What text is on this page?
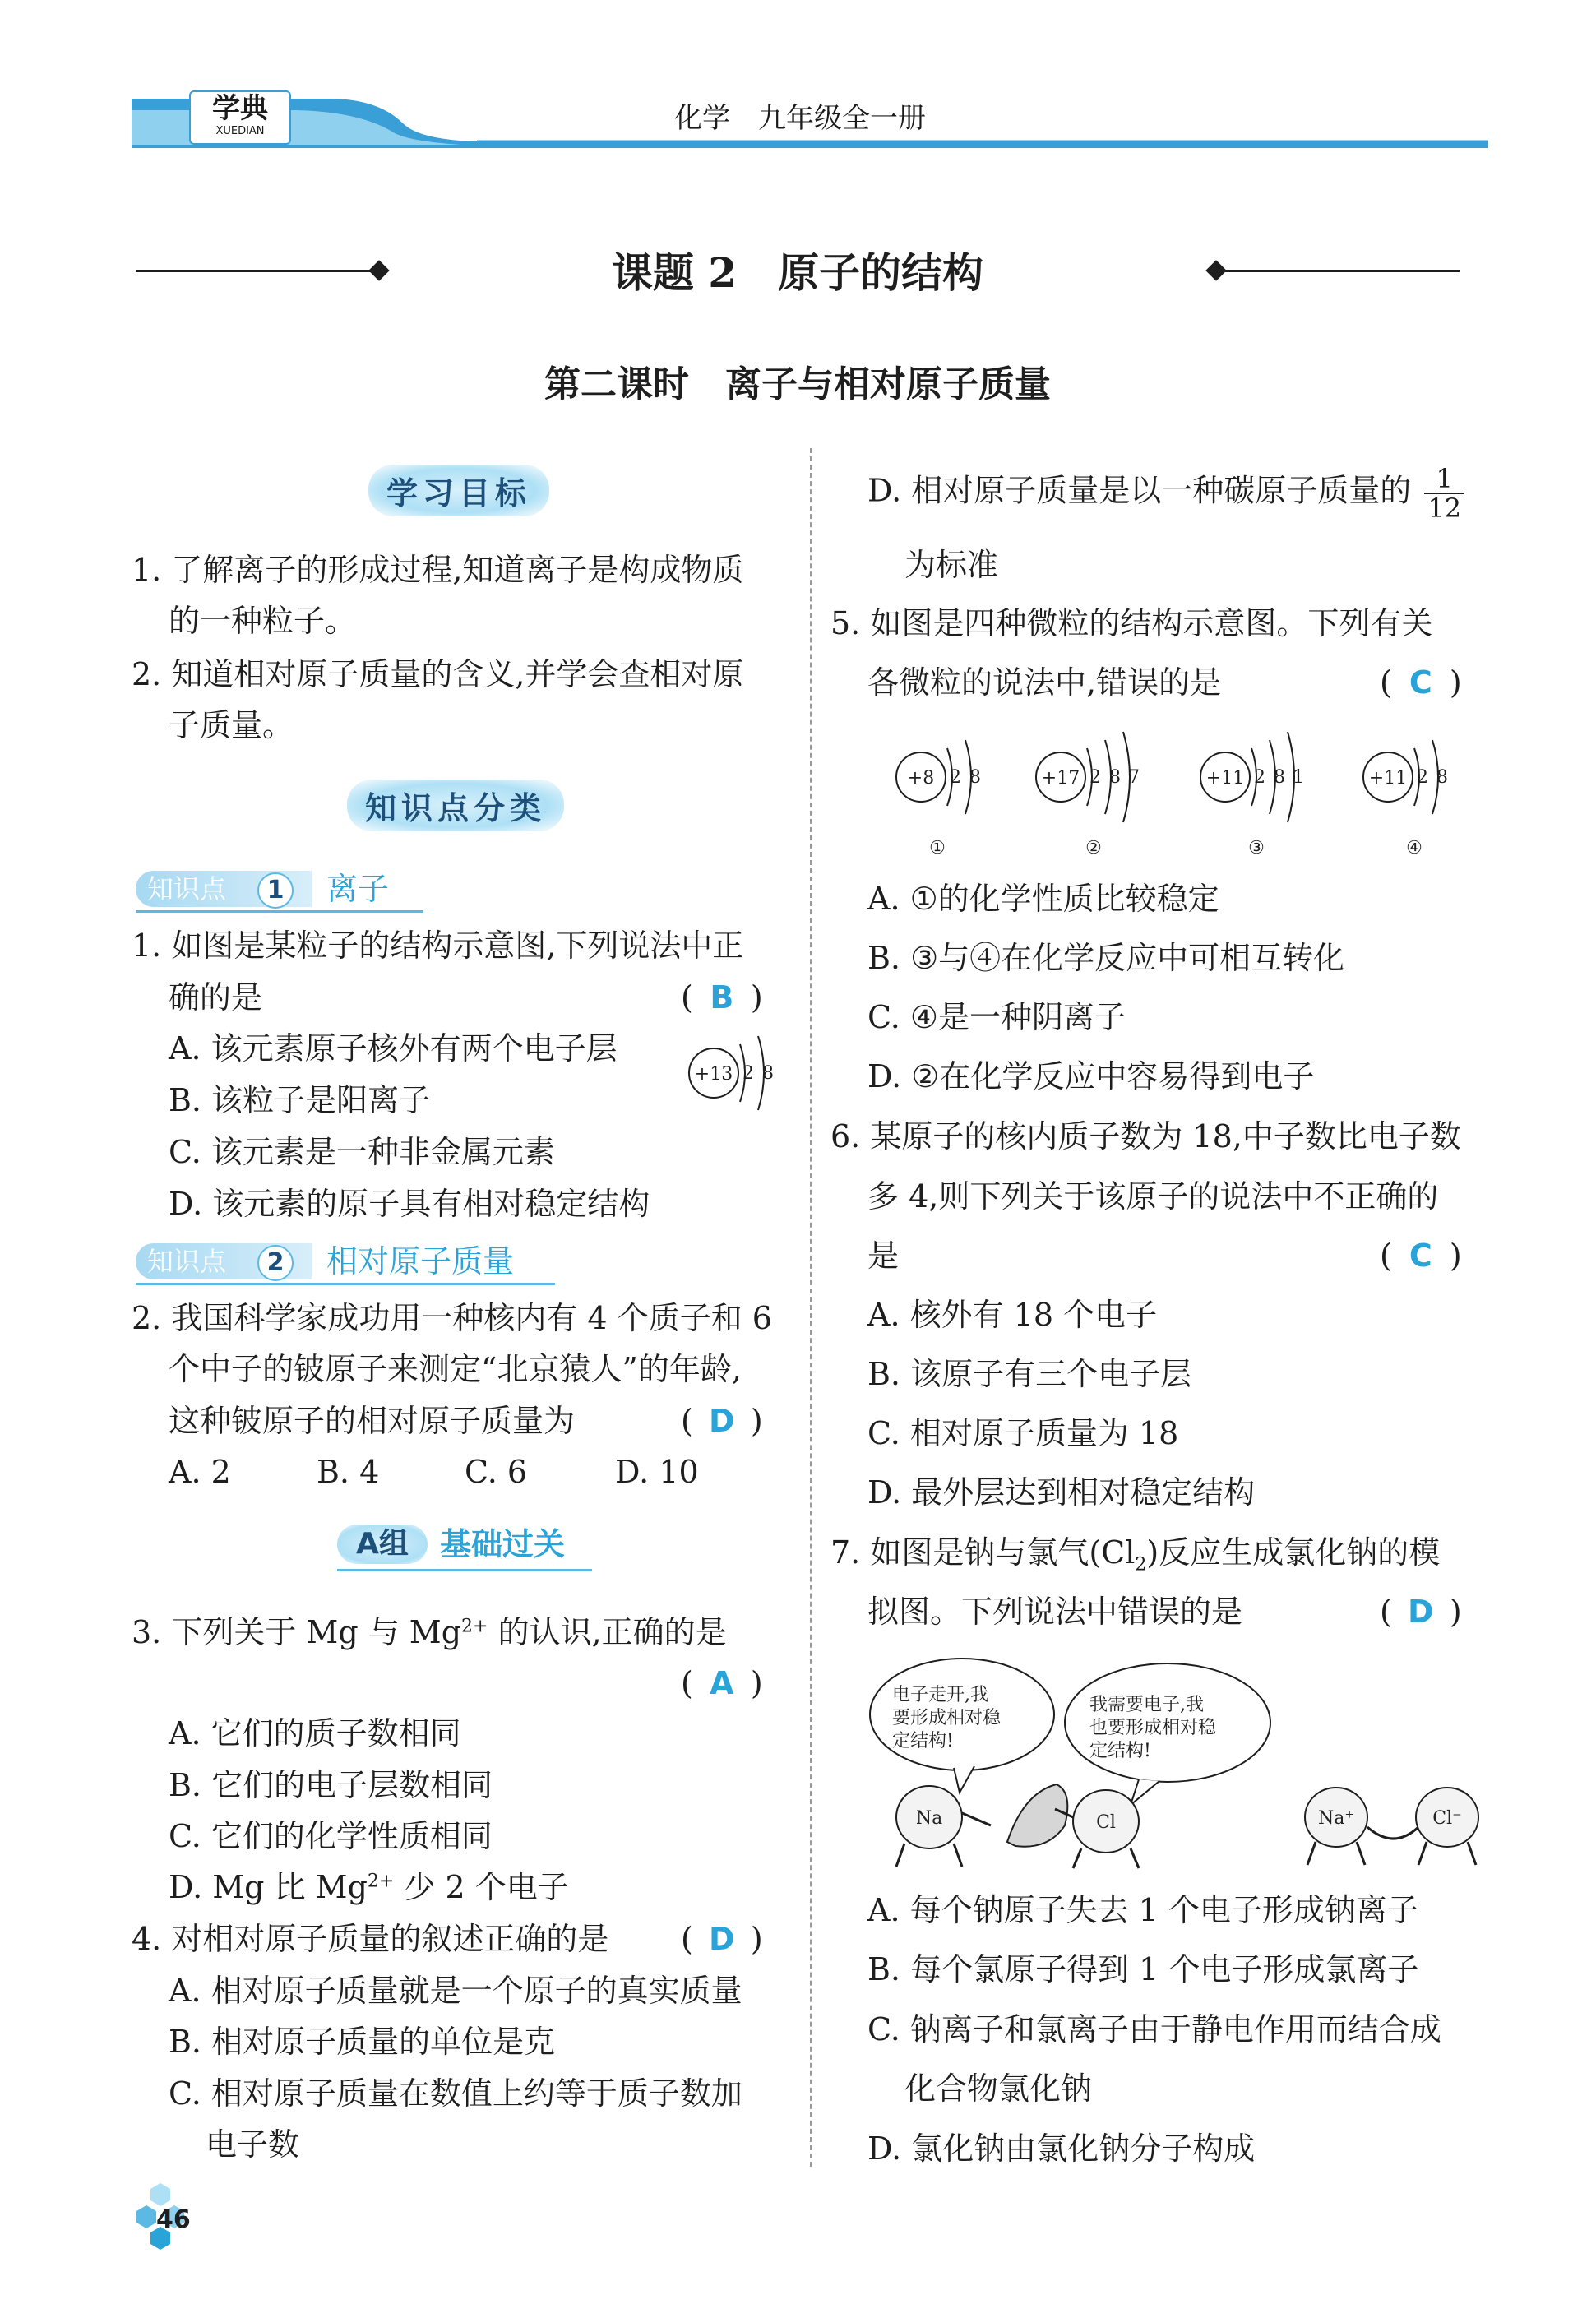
学典
XUEDIAN	化学　九年级全一册
课题 2　原子的结构
第二课时　离子与相对原子质量
学习目标
1. 了解离子的形成过程,知道离子是构成物质
的一种粒子。
2. 知道相对原子质量的含义,并学会查相对原
子质量。
知识点分类
知识点	1	离子
1. 如图是某粒子的结构示意图,下列说法中正
确的是	( B )
A. 该元素原子核外有两个电子层
B. 该粒子是阳离子
C. 该元素是一种非金属元素
D. 该元素的原子具有相对稳定结构
+13 2 8
知识点	2	相对原子质量
2. 我国科学家成功用一种核内有 4 个质子和 6
个中子的铍原子来测定“北京猿人”的年龄,
这种铍原子的相对原子质量为	( D )
A. 2	B. 4	C. 6	D. 10
A组	基础过关
3. 下列关于 Mg 与 $Mg^{2+}$ 的认识,正确的是
( A )
A. 它们的质子数相同
B. 它们的电子层数相同
C. 它们的化学性质相同
D. Mg 比 $Mg^{2+}$ 少 2 个电子
4. 对相对原子质量的叙述正确的是 ( D )
A. 相对原子质量就是一个原子的真实质量
B. 相对原子质量的单位是克
C. 相对原子质量在数值上约等于质子数加
电子数
46
D. 相对原子质量是以一种碳原子质量的 $\frac{1}{12}$
为标准
5. 如图是四种微粒的结构示意图。下列有关
各微粒的说法中,错误的是	( C )
+8 2 8
①
+17 2 8 7
②
+11 2 8 1
③
+11 2 8
④
A. ①的化学性质比较稳定
B. ③与④在化学反应中可相互转化
C. ④是一种阴离子
D. ②在化学反应中容易得到电子
6. 某原子的核内质子数为 18,中子数比电子数
多 4,则下列关于该原子的说法中不正确的
是	( C )
A. 核外有 18 个电子
B. 该原子有三个电子层
C. 相对原子质量为 18
D. 最外层达到相对稳定结构
7. 如图是钠与氯气$(Cl_2)$反应生成氯化钠的模
拟图。下列说法中错误的是	( D )
电子走开,我
要形成相对稳
定结构!
我需要电子,我
也要形成相对稳
定结构!
Na	Cl	Na⁺	Cl⁻
A. 每个钠原子失去 1 个电子形成钠离子
B. 每个氯原子得到 1 个电子形成氯离子
C. 钠离子和氯离子由于静电作用而结合成
化合物氯化钠
D. 氯化钠由氯化钠分子构成
